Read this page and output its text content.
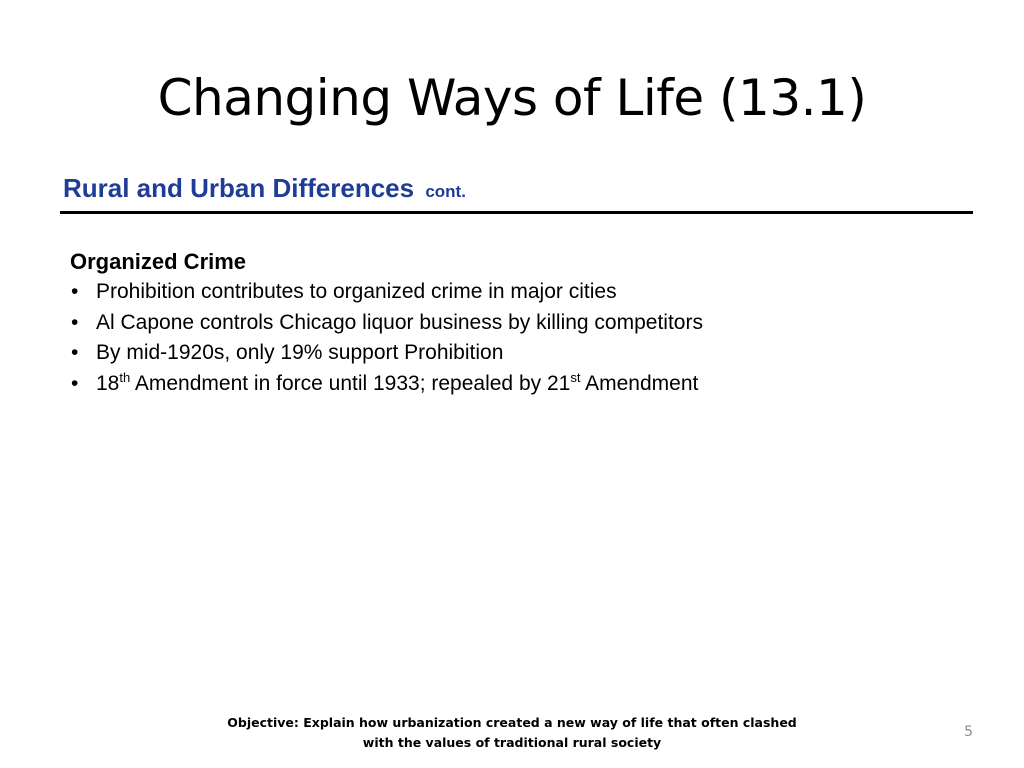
Changing Ways of Life (13.1)
Rural and Urban Differences cont.
Organized Crime
• Prohibition contributes to organized crime in major cities
• Al Capone controls Chicago liquor business by killing competitors
• By mid-1920s, only 19% support Prohibition
• 18th Amendment in force until 1933; repealed by 21st Amendment
Objective: Explain how urbanization created a new way of life that often clashed
with the values of traditional rural society
5
